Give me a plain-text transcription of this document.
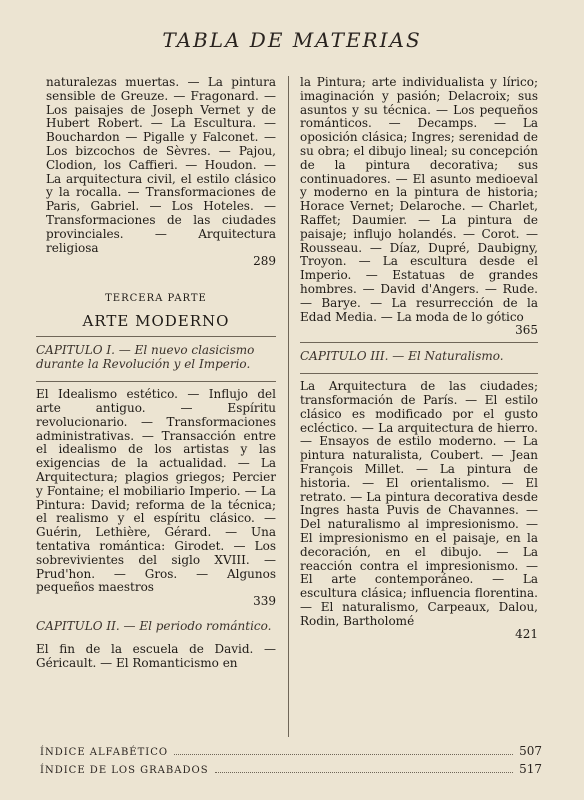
TABLA DE MATERIAS

naturalezas muertas. — La pintura sensible de Greuze. — Fragonard. — Los paisajes de Joseph Vernet y de Hubert Robert. — La Escultura. — Bouchardon — Pigalle y Falconet. — Los bizcochos de Sèvres. — Pajou, Clodion, los Caffieri. — Houdon. — La arquitectura civil, el estilo clásico y la rocalla. — Transformaciones de Paris, Gabriel. — Los Hoteles. — Transformaciones de las ciudades provinciales. — Arquitectura religiosa
289

TERCERA PARTE
ARTE MODERNO
CAPITULO I. — El nuevo clasicismo durante la Revolución y el Imperio.

El Idealismo estético. — Influjo del arte antiguo. — Espíritu revolucionario. — Transformaciones administrativas. — Transacción entre el idealismo de los artistas y las exigencias de la actualidad. — La Arquitectura; plagios griegos; Percier y Fontaine; el mobiliario Imperio. — La Pintura: David; reforma de la técnica; el realismo y el espíritu clásico. — Guérin, Lethière, Gérard. — Una tentativa romántica: Girodet. — Los sobrevivientes del siglo XVIII. — Prud'hon. — Gros. — Algunos pequeños maestros
339

CAPITULO II. — El periodo romántico.

El fin de la escuela de David. — Géricault. — El Romanticismo en

la Pintura; arte individualista y lírico; imaginación y pasión; Delacroix; sus asuntos y su técnica. — Los pequeños románticos. — Decamps. — La oposición clásica; Ingres; serenidad de su obra; el dibujo lineal; su concepción de la pintura decorativa; sus continuadores. — El asunto medioeval y moderno en la pintura de historia; Horace Vernet; Delaroche. — Charlet, Raffet; Daumier. — La pintura de paisaje; influjo holandés. — Corot. — Rousseau. — Díaz, Dupré, Daubigny, Troyon. — La escultura desde el Imperio. — Estatuas de grandes hombres. — David d'Angers. — Rude. — Barye. — La resurrección de la Edad Media. — La moda de lo gótico
365

CAPITULO III. — El Naturalismo.

La Arquitectura de las ciudades; transformación de París. — El estilo clásico es modificado por el gusto ecléctico. — La arquitectura de hierro. — Ensayos de estilo moderno. — La pintura naturalista, Coubert. — Jean François Millet. — La pintura de historia. — El orientalismo. — El retrato. — La pintura decorativa desde Ingres hasta Puvis de Chavannes. — Del naturalismo al impresionismo. — El impresionismo en el paisaje, en la decoración, en el dibujo. — La reacción contra el impresionismo. — El arte contemporáneo. — La escultura clásica; influencia florentina. — El naturalismo, Carpeaux, Dalou, Rodin, Bartholomé
421

ÍNDICE ALFABÉTICO	507
ÍNDICE DE LOS GRABADOS	517
